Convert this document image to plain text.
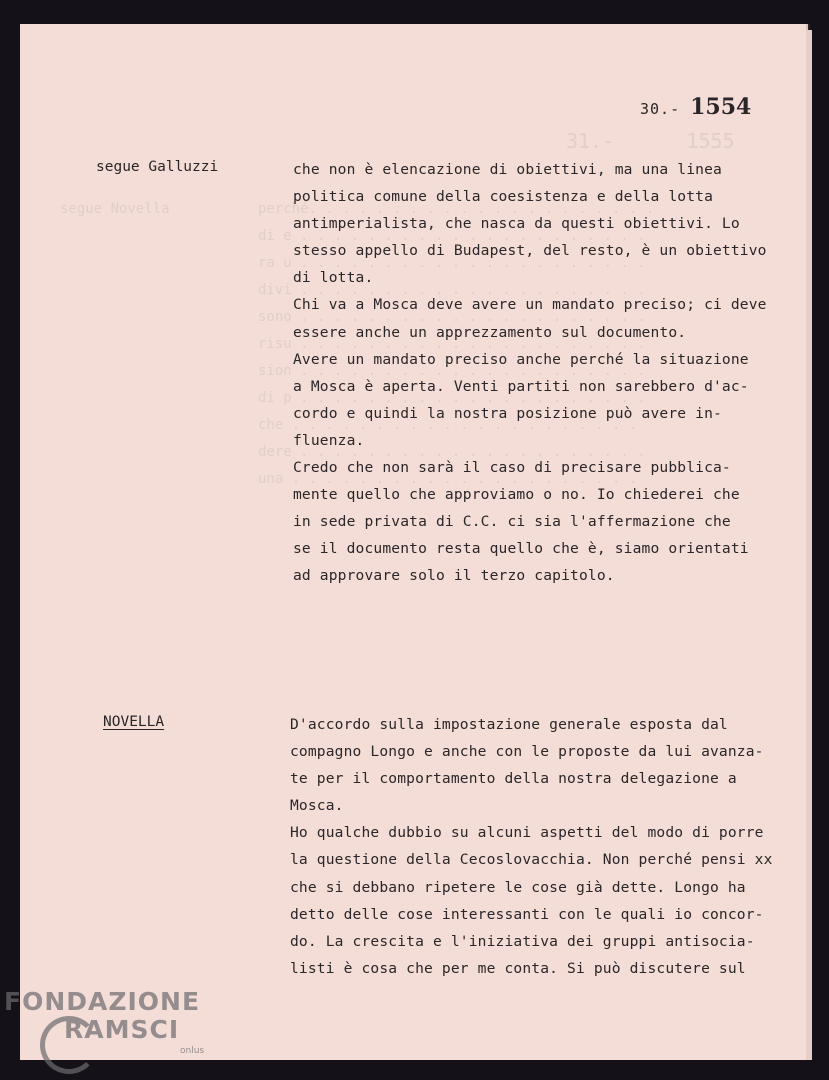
31.-      1555
segue Novella	perché. . . . . . . . . . . . . . . . . . . . .
di e . . . . . . . . . . . . . . . . . . . . .
ra u . . . . . . . . . . . . . . . . . . . . .
divi . . . . . . . . . . . . . . . . . . . . .
sono . . . . . . . . . . . . . . . . . . . . .
risu . . . . . . . . . . . . . . . . . . . . .
sion . . . . . . . . . . . . . . . . . . . . .
di p . . . . . . . . . . . . . . . . . . . . .
che . . . . . . . . . . . . . . . . . . . . .
dere . . . . . . . . . . . . . . . . . . . . .
una . . . . . . . . . . . . . . . . . . . . .
30.- 1554
segue Galluzzi	che non è elencazione di obiettivi, ma una linea
politica comune della coesistenza e della lotta
antimperialista, che nasca da questi obiettivi. Lo
stesso appello di Budapest, del resto, è un obiettivo
di lotta.
Chi va a Mosca deve avere un mandato preciso; ci deve
essere anche un apprezzamento sul documento.
Avere un mandato preciso anche perché la situazione
a Mosca è aperta. Venti partiti non sarebbero d'ac-
cordo e quindi la nostra posizione può avere in-
fluenza.
Credo che non sarà il caso di precisare pubblica-
mente quello che approviamo o no. Io chiederei che
in sede privata di C.C. ci sia l'affermazione che
se il documento resta quello che è, siamo orientati
ad approvare solo il terzo capitolo.
NOVELLA	D'accordo sulla impostazione generale esposta dal
compagno Longo e anche con le proposte da lui avanza-
te per il comportamento della nostra delegazione a
Mosca.
Ho qualche dubbio su alcuni aspetti del modo di porre
la questione della Cecoslovacchia. Non perché pensi xx
che si debbano ripetere le cose già dette. Longo ha
detto delle cose interessanti con le quali io concor-
do. La crescita e l'iniziativa dei gruppi antisocia-
listi è cosa che per me conta. Si può discutere sul
FONDAZIONE
RAMSCI
onlus
